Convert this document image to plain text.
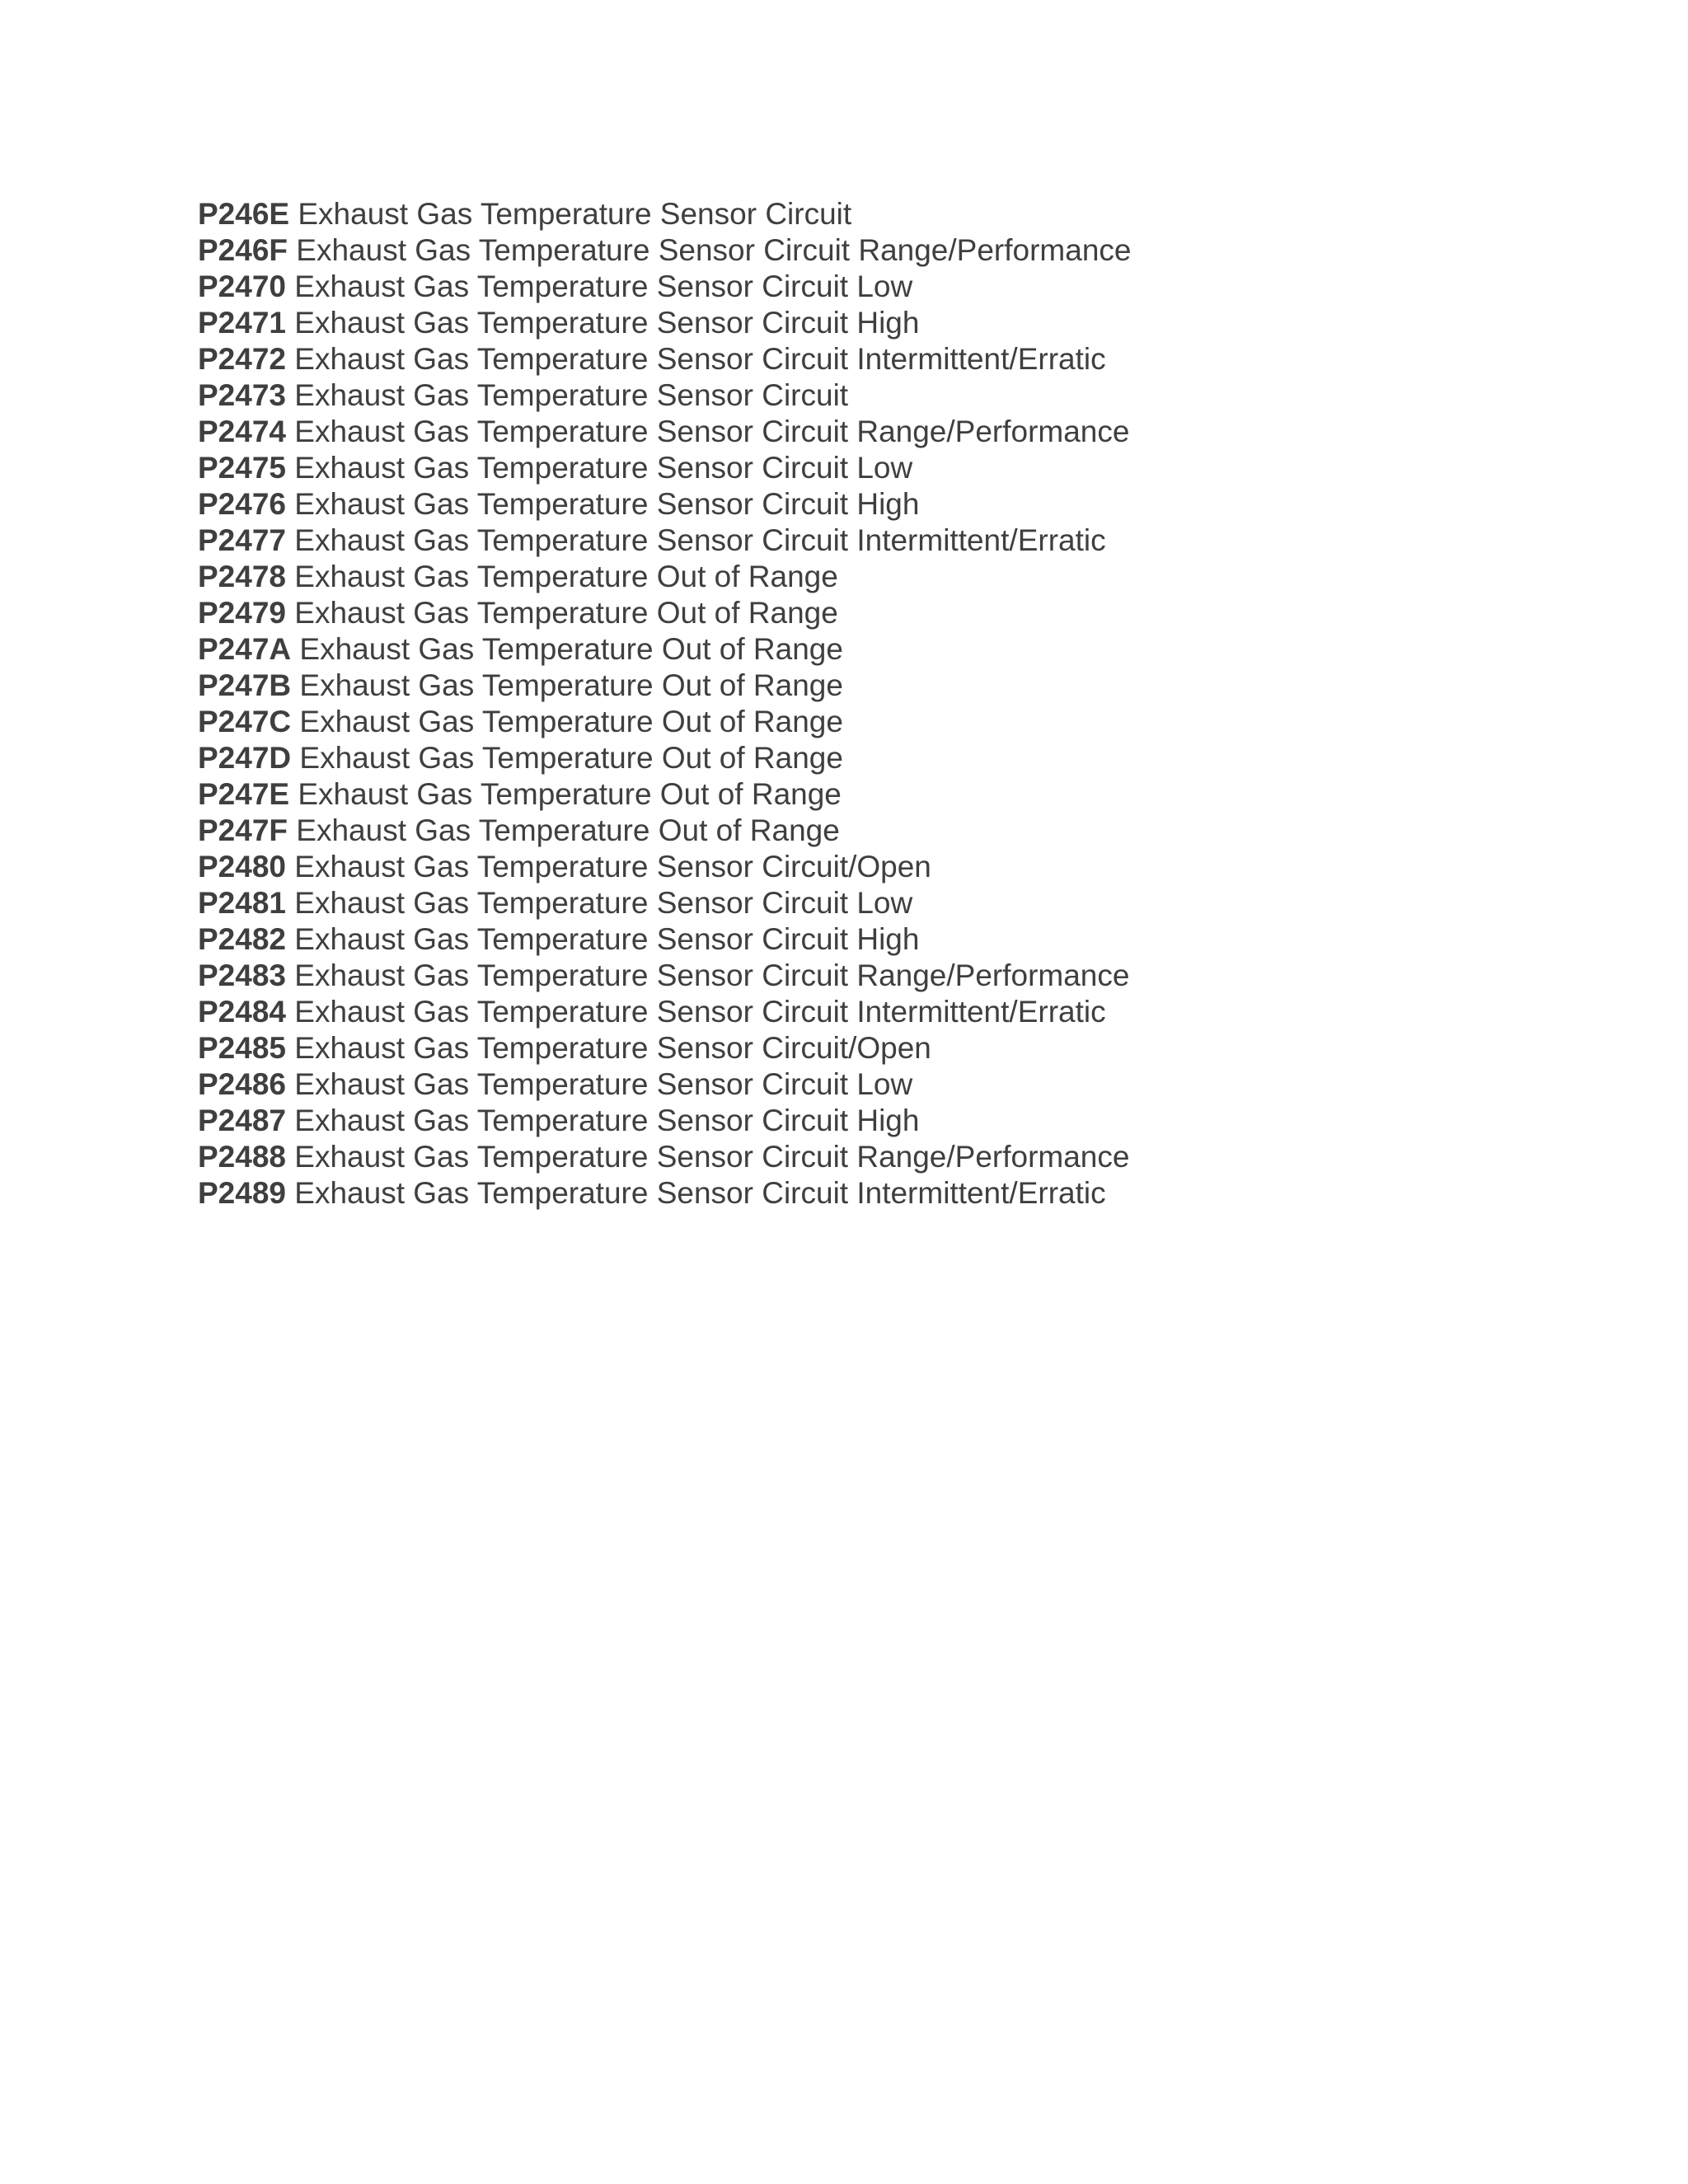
P246E Exhaust Gas Temperature Sensor Circuit
P246F Exhaust Gas Temperature Sensor Circuit Range/Performance
P2470 Exhaust Gas Temperature Sensor Circuit Low
P2471 Exhaust Gas Temperature Sensor Circuit High
P2472 Exhaust Gas Temperature Sensor Circuit Intermittent/Erratic
P2473 Exhaust Gas Temperature Sensor Circuit
P2474 Exhaust Gas Temperature Sensor Circuit Range/Performance
P2475 Exhaust Gas Temperature Sensor Circuit Low
P2476 Exhaust Gas Temperature Sensor Circuit High
P2477 Exhaust Gas Temperature Sensor Circuit Intermittent/Erratic
P2478 Exhaust Gas Temperature Out of Range
P2479 Exhaust Gas Temperature Out of Range
P247A Exhaust Gas Temperature Out of Range
P247B Exhaust Gas Temperature Out of Range
P247C Exhaust Gas Temperature Out of Range
P247D Exhaust Gas Temperature Out of Range
P247E Exhaust Gas Temperature Out of Range
P247F Exhaust Gas Temperature Out of Range
P2480 Exhaust Gas Temperature Sensor Circuit/Open
P2481 Exhaust Gas Temperature Sensor Circuit Low
P2482 Exhaust Gas Temperature Sensor Circuit High
P2483 Exhaust Gas Temperature Sensor Circuit Range/Performance
P2484 Exhaust Gas Temperature Sensor Circuit Intermittent/Erratic
P2485 Exhaust Gas Temperature Sensor Circuit/Open
P2486 Exhaust Gas Temperature Sensor Circuit Low
P2487 Exhaust Gas Temperature Sensor Circuit High
P2488 Exhaust Gas Temperature Sensor Circuit Range/Performance
P2489 Exhaust Gas Temperature Sensor Circuit Intermittent/Erratic
